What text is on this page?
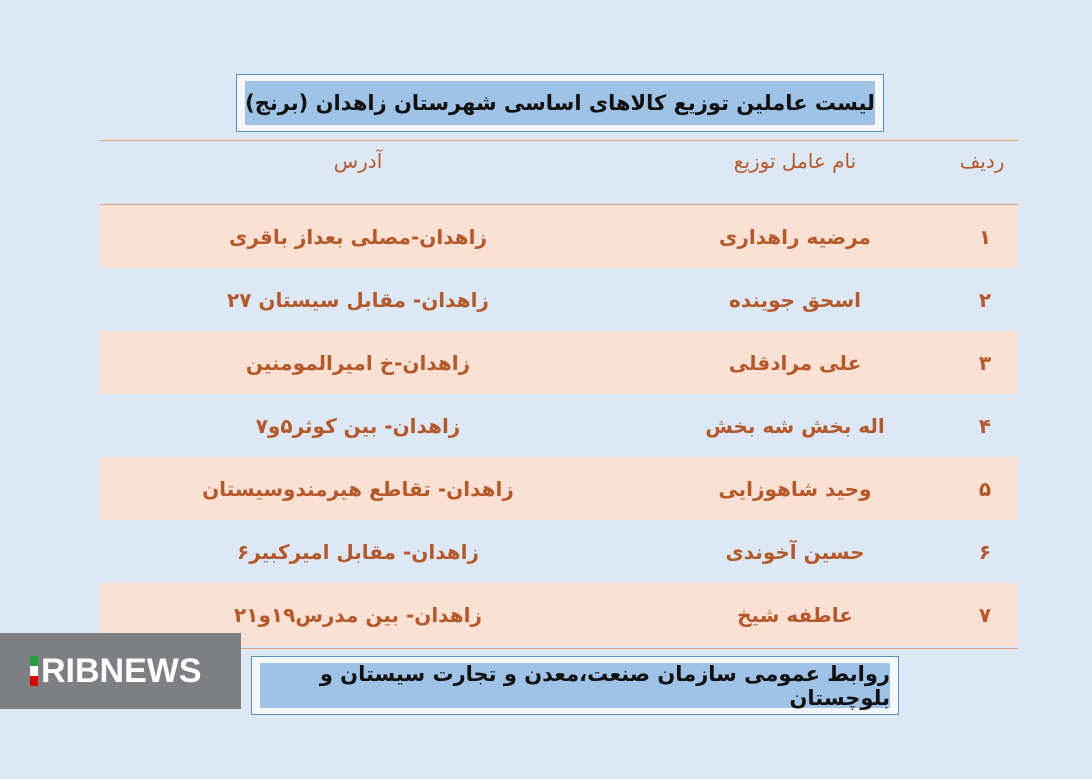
لیست عاملین توزیع کالاهای اساسی شهرستان زاهدان (برنج)
ردیف
نام عامل توزیع
آدرس
۱
مرضیه راهداری
زاهدان-مصلی بعداز باقری
۲
اسحق جوینده
زاهدان- مقابل سیستان ۲۷
۳
علی مرادقلی
زاهدان-خ امیرالمومنین
۴
اله بخش شه بخش
زاهدان- بین کوثر۵و۷
۵
وحید شاهوزایی
زاهدان- تقاطع هیرمندوسیستان
۶
حسین آخوندی
زاهدان- مقابل امیرکبیر۶
۷
عاطفه شیخ
زاهدان- بین مدرس۱۹و۲۱
روابط عمومی سازمان صنعت،معدن و تجارت سیستان و بلوچستان
RIBNEWS
